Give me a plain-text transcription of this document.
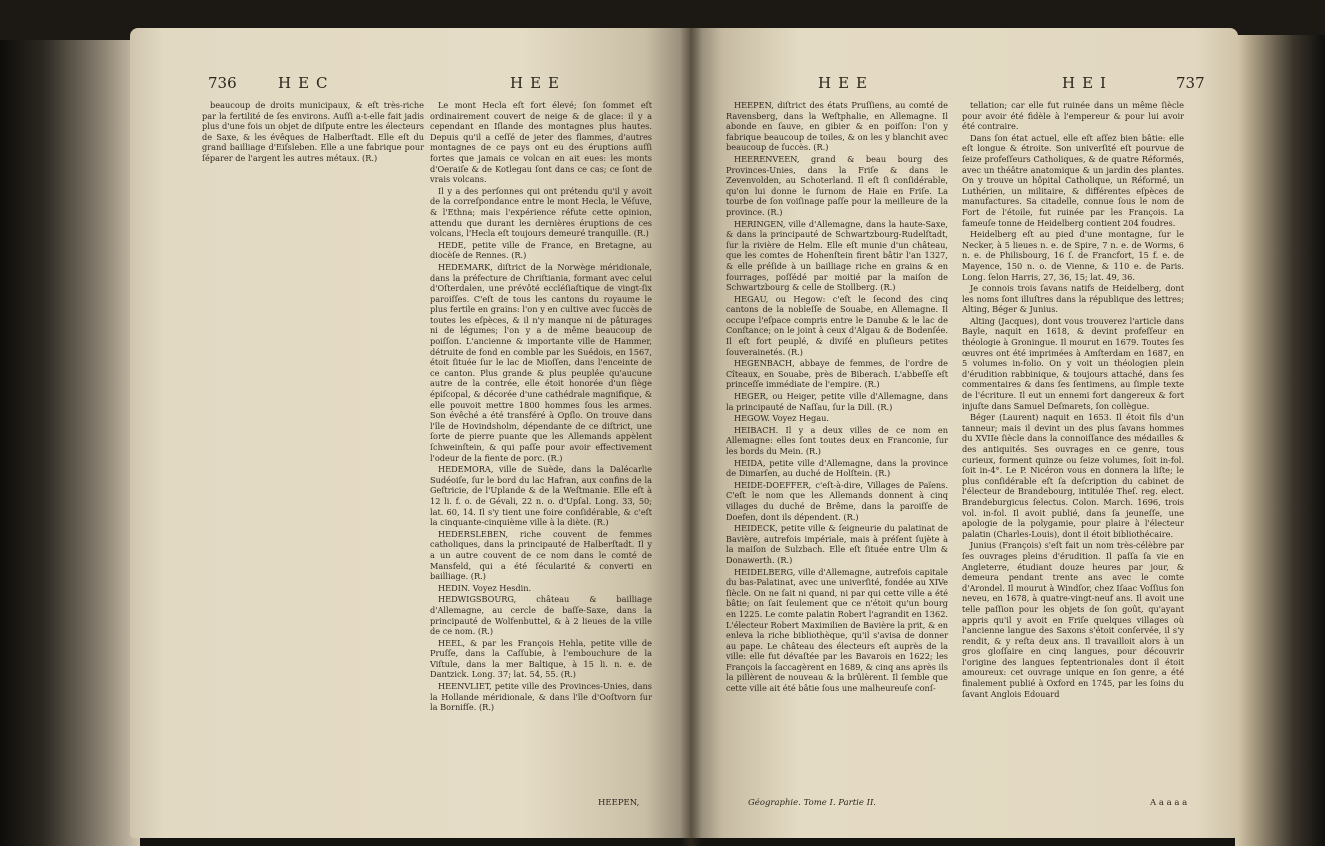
736	HEC	HEE

beaucoup de droits municipaux, & eſt très-riche par la fertilité de ſes environs. Auſſi a-t-elle fait jadis plus d'une fois un objet de diſpute entre les électeurs de Saxe, & les évêques de Halberſtadt. Elle eſt du grand bailliage d'Eiſsleben. Elle a une fabrique pour ſéparer de l'argent les autres métaux. (R.)

Le mont Hecla eſt fort élevé; ſon ſommet eſt ordinairement couvert de neige & de glace: il y a cependant en Iſlande des montagnes plus hautes. Depuis qu'il a ceſſé de jeter des flammes, d'autres montagnes de ce pays ont eu des éruptions auſſi fortes que jamais ce volcan en ait eues: les monts d'Oeraiſe & de Kotlegau ſont dans ce cas; ce ſont de vrais volcans.

Il y a des perſonnes qui ont prétendu qu'il y avoit de la correſpondance entre le mont Hecla, le Véſuve, & l'Ethna; mais l'expérience réfute cette opinion, attendu que durant les dernières éruptions de ces volcans, l'Hecla eſt toujours demeuré tranquille. (R.)

HEDE, petite ville de France, en Bretagne, au diocèſe de Rennes. (R.)

HEDEMARK, diſtrict de la Norwège méridionale, dans la préfecture de Chriſtiania, formant avec celui d'Oſterdalen, une prévôté eccléſiaſtique de vingt-ſix paroiſſes. C'eſt de tous les cantons du royaume le plus fertile en grains: l'on y en cultive avec ſuccès de toutes les eſpèces, & il n'y manque ni de pâturages ni de légumes; l'on y a de même beaucoup de poiſſon. L'ancienne & importante ville de Hammer, détruite de fond en comble par les Suédois, en 1567, étoit ſituée ſur le lac de Mioſſen, dans l'enceinte de ce canton. Plus grande & plus peuplée qu'aucune autre de la contrée, elle étoit honorée d'un ſiège épiſcopal, & décorée d'une cathédrale magnifique, & elle pouvoit mettre 1800 hommes ſous les armes. Son évêché a été transféré à Opſlo. On trouve dans l'île de Hovindsholm, dépendante de ce diſtrict, une ſorte de pierre puante que les Allemands appèlent ſchweinſtein, & qui paſſe pour avoir effectivement l'odeur de la fiente de porc. (R.)

HEDEMORA, ville de Suède, dans la Dalécarlie Sudéoiſe, ſur le bord du lac Hafran, aux confins de la Geſtricie, de l'Uplande & de la Weſtmanie. Elle eſt à 12 li. f. o. de Gévali, 22 n. o. d'Upſal. Long. 33, 50; lat. 60, 14. Il s'y tient une foire conſidérable, & c'eſt la cinquante-cinquième ville à la diète. (R.)

HEDERSLEBEN, riche couvent de femmes catholiques, dans la principauté de Halberſtadt. Il y a un autre couvent de ce nom dans le comté de Mansfeld, qui a été ſécularité & converti en bailliage. (R.)

HEDIN. Voyez Hesdin.

HEDWIGSBOURG, château & bailliage d'Allemagne, au cercle de baſſe-Saxe, dans la principauté de Wolfenbuttel, & à 2 lieues de la ville de ce nom. (R.)

HEEL, & par les François Hehla, petite ville de Pruſſe, dans la Caſſubie, à l'embouchure de la Viſtule, dans la mer Baltique, à 15 li. n. e. de Dantzick. Long. 37; lat. 54, 55. (R.)

HEENVLIET, petite ville des Provinces-Unies, dans la Hollande méridionale, & dans l'île d'Ooſtvorn ſur la Bornifſe. (R.)

HEEPEN,
HEE	HEI	737

HEEPEN, diſtrict des états Pruſſiens, au comté de Ravensberg, dans la Weſtphalie, en Allemagne. Il abonde en ſauve, en gibier & en poiſſon: l'on y fabrique beaucoup de toiles, & on les y blanchit avec beaucoup de ſuccès. (R.)

HEERENVEEN, grand & beau bourg des Provinces-Unies, dans la Friſe & dans le Zevenvolden, au Schoterland. Il eſt ſi conſidérable, qu'on lui donne le ſurnom de Haie en Friſe. La tourbe de ſon voiſinage paſſe pour la meilleure de la province. (R.)

HERINGEN, ville d'Allemagne, dans la haute-Saxe, & dans la principauté de Schwartzbourg-Rudelſtadt, ſur la rivière de Helm. Elle eſt munie d'un château, que les comtes de Hohenſtein firent bâtir l'an 1327, & elle préſide à un bailliage riche en grains & en fourrages, poſſédé par moitié par la maiſon de Schwartzbourg & celle de Stollberg. (R.)

HEGAU, ou Hegow: c'eſt le ſecond des cinq cantons de la nobleſſe de Souabe, en Allemagne. Il occupe l'eſpace compris entre le Danube & le lac de Conſtance; on le joint à ceux d'Algau & de Bodenſée. Il eſt fort peuplé, & diviſé en pluſieurs petites ſouverainetés. (R.)

HEGENBACH, abbaye de femmes, de l'ordre de Cîteaux, en Souabe, près de Biberach. L'abbeſſe eſt princeſſe immédiate de l'empire. (R.)

HEGER, ou Heiger, petite ville d'Allemagne, dans la principauté de Naſſau, ſur la Dill. (R.)

HEGOW. Voyez Hegau.

HEIBACH. Il y a deux villes de ce nom en Allemagne: elles ſont toutes deux en Franconie, ſur les bords du Mein. (R.)

HEIDA, petite ville d'Allemagne, dans la province de Dimarſen, au duché de Holſtein. (R.)

HEIDE-DOEFFER, c'eſt-à-dire, Villages de Païens. C'eſt le nom que les Allemands donnent à cinq villages du duché de Brême, dans la paroiſſe de Doefen, dont ils dépendent. (R.)

HEIDECK, petite ville & ſeigneurie du palatinat de Bavière, autrefois impériale, mais à préſent ſujète à la maiſon de Sulzbach. Elle eſt ſituée entre Ulm & Donawerth. (R.)

HEIDELBERG, ville d'Allemagne, autrefois capitale du bas-Palatinat, avec une univerſité, fondée au XIVe ſiècle. On ne ſait ni quand, ni par qui cette ville a été bâtie; on ſait ſeulement que ce n'étoit qu'un bourg en 1225. Le comte palatin Robert l'agrandit en 1362. L'électeur Robert Maximilien de Bavière la prit, & en enleva la riche bibliothèque, qu'il s'avisa de donner au pape. Le château des électeurs eſt auprès de la ville: elle fut dévaſtée par les Bavarois en 1622; les François la ſaccagèrent en 1689, & cinq ans après ils la pillèrent de nouveau & la brûlèrent. Il ſemble que cette ville ait été bâtie ſous une malheureuſe conſ-

tellation; car elle fut ruinée dans un même ſiècle pour avoir été fidèle à l'empereur & pour lui avoir été contraire.

Dans ſon état actuel, elle eſt aſſez bien bâtie: elle eſt longue & étroite. Son univerſité eſt pourvue de ſeize profeſſeurs Catholiques, & de quatre Réformés, avec un théâtre anatomique & un jardin des plantes. On y trouve un hôpital Catholique, un Réformé, un Luthérien, un militaire, & différentes eſpèces de manufactures. Sa citadelle, connue ſous le nom de Fort de l'étoile, fut ruinée par les François. La fameuſe tonne de Heidelberg contient 204 foudres.

Heidelberg eſt au pied d'une montagne, ſur le Necker, à 5 lieues n. e. de Spire, 7 n. e. de Worms, 6 n. e. de Philisbourg, 16 ſ. de Francfort, 15 f. e. de Mayence, 150 n. o. de Vienne, & 110 e. de Paris. Long. ſelon Harris, 27, 36, 15; lat. 49, 36.

Je connois trois ſavans natifs de Heidelberg, dont les noms ſont illuſtres dans la république des lettres; Alting, Béger & Junius.

Alting (Jacques), dont vous trouverez l'article dans Bayle, naquit en 1618, & devint profeſſeur en théologie à Groningue. Il mourut en 1679. Toutes ſes œuvres ont été imprimées à Amſterdam en 1687, en 5 volumes in-folio. On y voit un théologien plein d'érudition rabbinique, & toujours attaché, dans ſes commentaires & dans ſes ſentimens, au ſimple texte de l'écriture. Il eut un ennemi fort dangereux & fort injuſte dans Samuel Deſmarets, ſon collègue.

Béger (Laurent) naquit en 1653. Il étoit fils d'un tanneur; mais il devint un des plus ſavans hommes du XVIIe ſiècle dans la connoiſſance des médailles & des antiquités. Ses ouvrages en ce genre, tous curieux, forment quinze ou ſeize volumes, ſoit in-fol. ſoit in-4°. Le P. Nicéron vous en donnera la liſte; le plus conſidérable eſt ſa deſcription du cabinet de l'électeur de Brandebourg, intitulée Theſ. reg. elect. Brandeburgicus ſelectus. Colon. March. 1696, trois vol. in-fol. Il avoit publié, dans ſa jeuneſſe, une apologie de la polygamie, pour plaire à l'électeur palatin (Charles-Louis), dont il étoit bibliothécaire.

Junius (François) s'eſt fait un nom très-célèbre par ſes ouvrages pleins d'érudition. Il paſſa ſa vie en Angleterre, étudiant douze heures par jour, & demeura pendant trente ans avec le comte d'Arondel. Il mourut à Windſor, chez Iſaac Voſſius ſon neveu, en 1678, à quatre-vingt-neuf ans. Il avoit une telle paſſion pour les objets de ſon goût, qu'ayant appris qu'il y avoit en Friſe quelques villages où l'ancienne langue des Saxons s'étoit conſervée, il s'y rendit, & y reſta deux ans. Il travailloit alors à un gros gloſſaire en cinq langues, pour découvrir l'origine des langues ſeptentrionales dont il étoit amoureux: cet ouvrage unique en ſon genre, a été finalement publié à Oxford en 1745, par les ſoins du ſavant Anglois Edouard

Géographie. Tome I. Partie II.	A a a a a
